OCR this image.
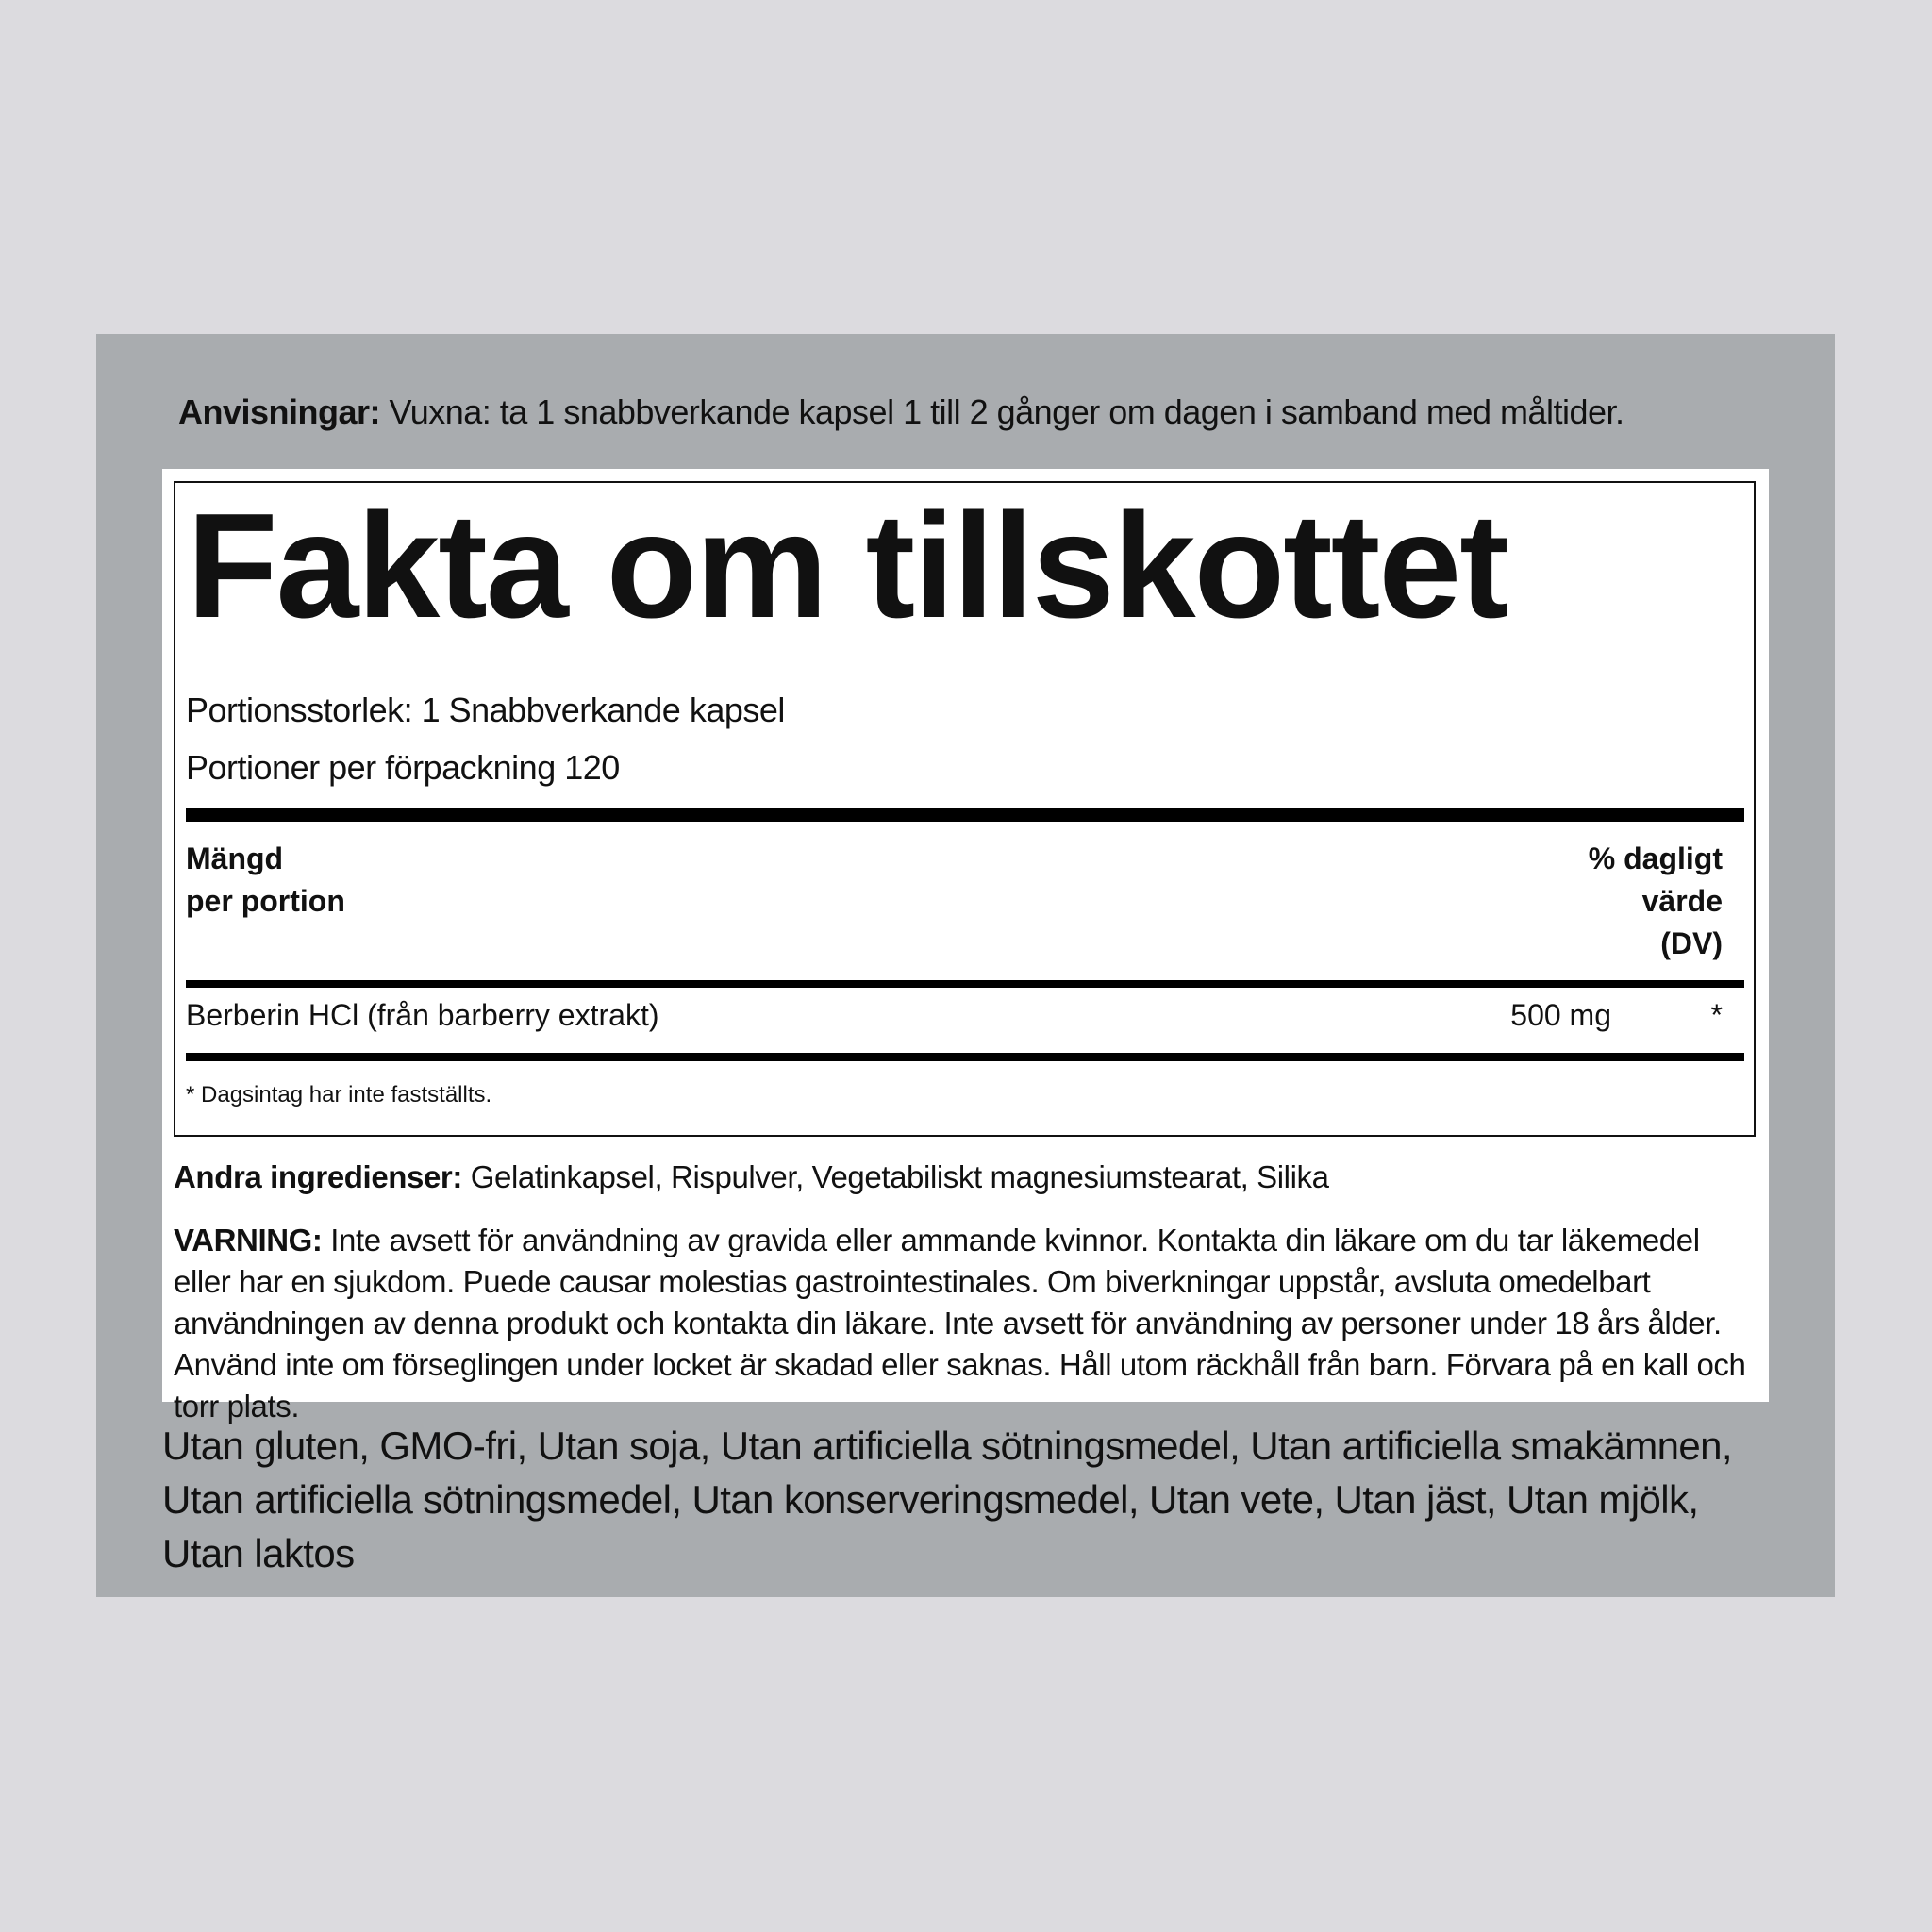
Anvisningar: Vuxna: ta 1 snabbverkande kapsel 1 till 2 gånger om dagen i samband med måltider.
Fakta om tillskottet
Portionsstorlek: 1 Snabbverkande kapsel
Portioner per förpackning 120
Mängd
per portion
% dagligt
värde
(DV)
Berberin HCl (från barberry extrakt)	500 mg	*
* Dagsintag har inte fastställts.
Andra ingredienser: Gelatinkapsel, Rispulver, Vegetabiliskt magnesiumstearat, Silika
VARNING: Inte avsett för användning av gravida eller ammande kvinnor. Kontakta din läkare om du tar läkemedel eller har en sjukdom. Puede causar molestias gastrointestinales. Om biverkningar uppstår, avsluta omedelbart användningen av denna produkt och kontakta din läkare. Inte avsett för användning av personer under 18 års ålder. Använd inte om förseglingen under locket är skadad eller saknas. Håll utom räckhåll från barn. Förvara på en kall och torr plats.
Utan gluten, GMO-fri, Utan soja, Utan artificiella sötningsmedel, Utan artificiella smakämnen, Utan artificiella sötningsmedel, Utan konserveringsmedel, Utan vete, Utan jäst, Utan mjölk, Utan laktos
